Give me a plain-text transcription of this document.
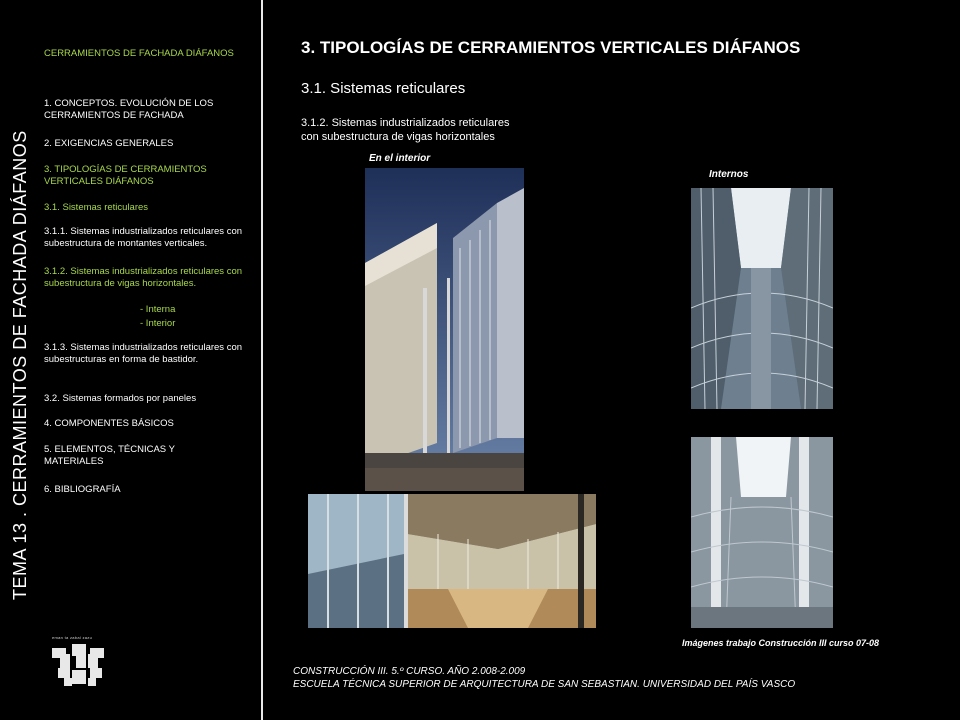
TEMA 13 . CERRAMIENTOS DE FACHADA DIÁFANOS
CERRAMIENTOS DE FACHADA DIÁFANOS
1. CONCEPTOS. EVOLUCIÓN DE LOS CERRAMIENTOS DE FACHADA
2. EXIGENCIAS GENERALES
3. TIPOLOGÍAS DE CERRAMIENTOS VERTICALES DIÁFANOS
3.1. Sistemas reticulares
3.1.1. Sistemas industrializados reticulares con subestructura de montantes verticales.
3.1.2. Sistemas industrializados reticulares con subestructura de vigas horizontales.
- Interna
- Interior
3.1.3. Sistemas industrializados reticulares con subestructuras en forma de bastidor.
3.2. Sistemas formados por paneles
4. COMPONENTES BÁSICOS
5. ELEMENTOS, TÉCNICAS Y MATERIALES
6. BIBLIOGRAFÍA
eman ta zabal zazu
3. TIPOLOGÍAS DE CERRAMIENTOS VERTICALES DIÁFANOS
3.1. Sistemas reticulares
3.1.2. Sistemas industrializados reticulares
con subestructura de vigas horizontales
En el interior
Internos
Imágenes trabajo Construcción III curso 07-08
CONSTRUCCIÓN III. 5.º CURSO. AÑO 2.008-2.009
ESCUELA TÉCNICA SUPERIOR DE ARQUITECTURA DE SAN SEBASTIAN. UNIVERSIDAD DEL PAÍS VASCO
